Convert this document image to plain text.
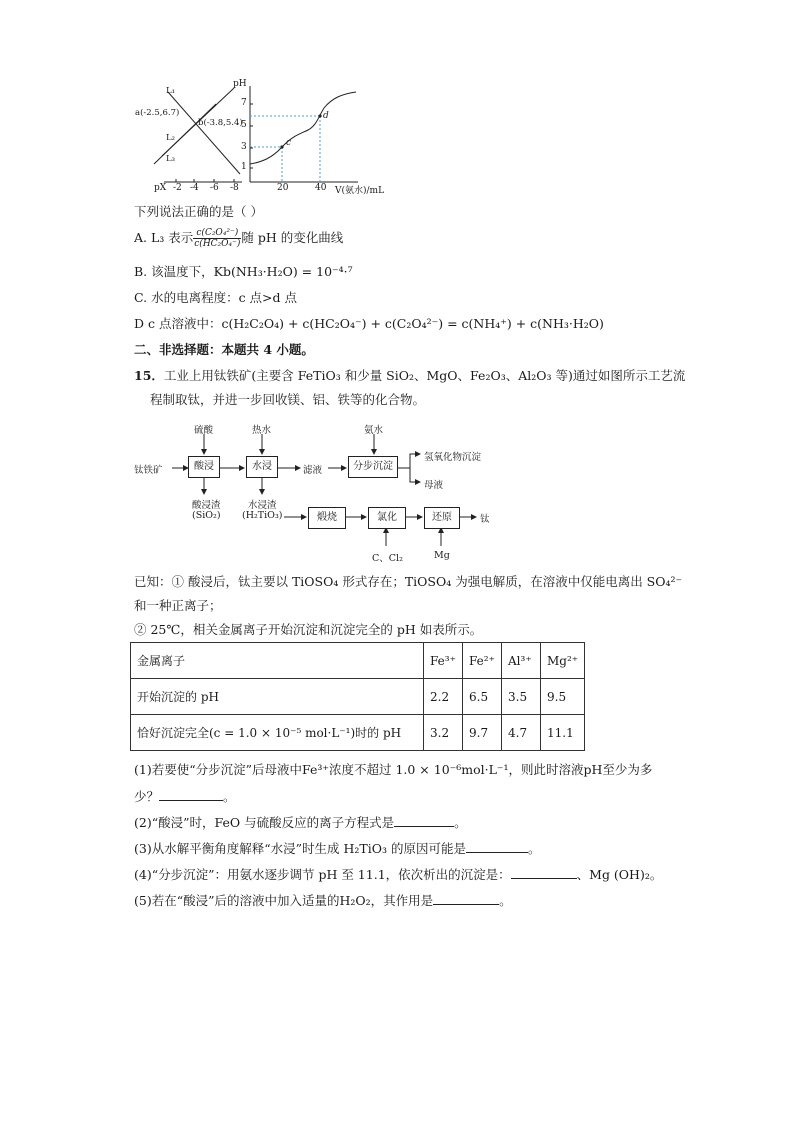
L₁
a(-2.5,6.7)
b(-3.8,5.4)
L₂
L₃
pX -2 -4 -6 -8
pH
7
5
3
1
c
d
20	40 V(氨水)/mL
下列说法正确的是（ ）
A. L₃ 表示 $\frac{\text{c(C₂O₄²⁻)}}{\text{c(HC₂O₄⁻)}}$ 随 pH 的变化曲线
B. 该温度下，Kb(NH₃·H₂O) = 10⁻⁴·⁷
C. 水的电离程度：c 点>d 点
D c 点溶液中：c(H₂C₂O₄) + c(HC₂O₄⁻) + c(C₂O₄²⁻) = c(NH₄⁺) + c(NH₃·H₂O)
二、非选择题：本题共 4 小题。
15．工业上用钛铁矿(主要含 FeTiO₃ 和少量 SiO₂、MgO、Fe₂O₃、Al₂O₃ 等)通过如图所示工艺流
程制取钛，并进一步回收镁、铝、铁等的化合物。
硫酸	热水	氨水
钛铁矿	酸浸	水浸	滤液	分步沉淀
氢氧化物沉淀
母液
酸浸渣
(SiO₂)
水浸渣
(H₂TiO₃)	煅烧	氯化	还原	钛
C、Cl₂	Mg
已知：① 酸浸后，钛主要以 TiOSO₄ 形式存在；TiOSO₄ 为强电解质，在溶液中仅能电离出 SO₄²⁻
和一种正离子；
② 25℃，相关金属离子开始沉淀和沉淀完全的 pH 如表所示。
金属离子	Fe³⁺	Fe²⁺	Al³⁺	Mg²⁺
开始沉淀的 pH	2.2	6.5	3.5	9.5
恰好沉淀完全(c = 1.0 × 10⁻⁵ mol·L⁻¹)时的 pH	3.2	9.7	4.7	11.1
(1)若要使“分步沉淀”后母液中Fe³⁺浓度不超过 1.0 × 10⁻⁶mol·L⁻¹，则此时溶液pH至少为多
少？	。
(2)“酸浸”时，FeO 与硫酸反应的离子方程式是	。
(3)从水解平衡角度解释“水浸”时生成 H₂TiO₃ 的原因可能是	。
(4)“分步沉淀”：用氨水逐步调节 pH 至 11.1，依次析出的沉淀是：	、Mg (OH)₂。
(5)若在“酸浸”后的溶液中加入适量的H₂O₂，其作用是	。
